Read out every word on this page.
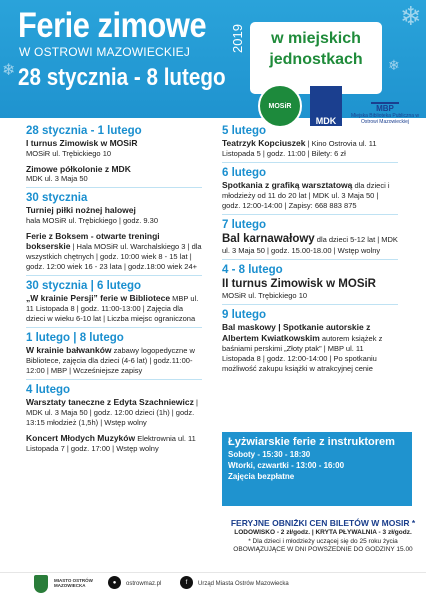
❄
❄	❄
Ferie zimowe
W OSTROWI MAZOWIECKIEJ	2019
28 stycznia - 8 lutego
w miejskich
jednostkach
MOSiR
MDK
MBP
Miejska Biblioteka Publiczna w Ostrowi Mazowieckiej
28 stycznia - 1 lutego
I turnus Zimowisk w MOSiR
MOSiR ul. Trębickiego 10
Zimowe półkolonie z MDK
MDK ul. 3 Maja 50
30 stycznia
Turniej piłki nożnej halowej
hala MOSiR ul. Trębickiego | godz. 9.30
Ferie z Boksem - otwarte treningi
bokserskie | Hala MOSiR ul. Warchalskiego 3 | dla wszystkich chętnych | godz. 10:00 wiek 8 - 15 lat | godz. 12:00 wiek 16 - 23 lata | godz.18:00 wiek 24+
30 stycznia | 6 lutego
„W krainie Persji” ferie w Bibliotece MBP ul. 11 Listopada 8 | godz. 11:00-13:00 | Zajęcia dla dzieci w wieku 6-10 lat | Liczba miejsc ograniczona
1 lutego | 8 lutego
W krainie bałwanków zabawy logopedyczne w Bibliotece, zajęcia dla dzieci (4-6 lat) | godz.11:00- 12:00 | MBP | Wcześniejsze zapisy
4 lutego
Warsztaty taneczne z Edyta Szachniewicz | MDK ul. 3 Maja 50 | godz. 12:00 dzieci (1h) | godz. 13:15 młodzież (1,5h) | Wstęp wolny
Koncert Młodych Muzyków Elektrownia ul. 11 Listopada 7 | godz. 17:00 | Wstęp wolny
5 lutego
Teatrzyk Kopciuszek | Kino Ostrovia ul. 11 Listopada 5 | godz. 11:00 | Bilety: 6 zł
6 lutego
Spotkania z grafiką warsztatową dla dzieci i młodzieży od 11 do 20 lat | MDK ul. 3 Maja 50 | godz. 12:00-14:00 | Zapisy: 668 883 875
7 lutego
Bal karnawałowy dla dzieci 5-12 lat | MDK ul. 3 Maja 50 | godz. 15.00-18.00 | Wstęp wolny
4 - 8 lutego
II turnus Zimowisk w MOSiR
MOSiR ul. Trębickiego 10
9 lutego
Bal maskowy | Spotkanie autorskie z Albertem Kwiatkowskim autorem książek z baśniami perskimi „Złoty ptak” | MBP ul. 11 Listopada 8 | godz. 12:00-14:00 | Po spotkaniu możliwość zakupu książki w atrakcyjnej cenie
Łyżwiarskie ferie z instruktorem
Soboty - 15:30 - 18:30
Wtorki, czwartki - 13:00 - 16:00
Zajęcia bezpłatne
FERYJNE OBNIŻKI CEN BILETÓW W MOSIR *
LODOWISKO - 2 zł/godz. | KRYTA PŁYWALNIA - 3 zł/godz.
* Dla dzieci i młodzieży uczącej się do 25 roku życia
OBOWIĄZUJĄCE W DNI POWSZEDNIE DO GODZINY 15.00
MIASTO OSTRÓW MAZOWIECKA	●	ostrowmaz.pl	f	Urząd Miasta Ostrów Mazowiecka
